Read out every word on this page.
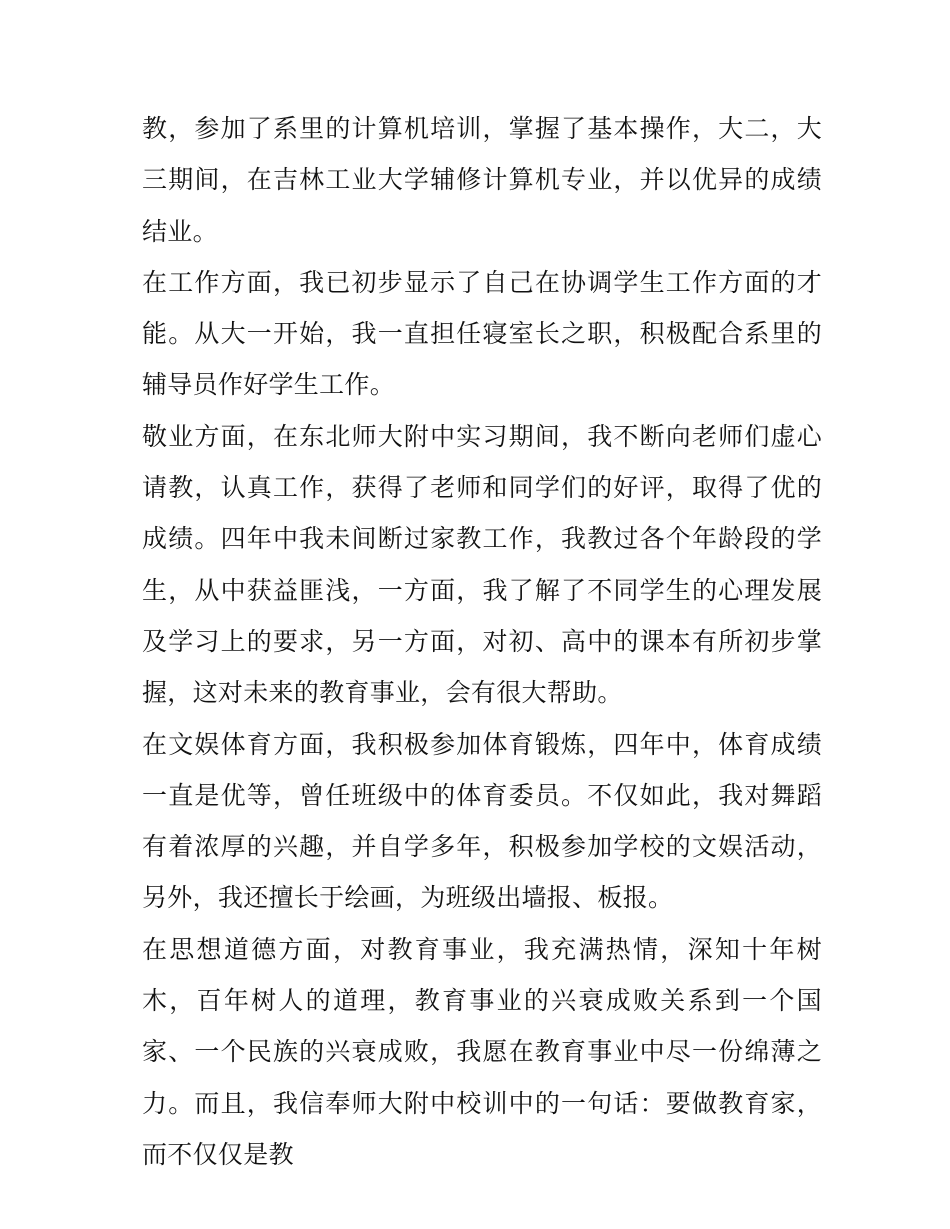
教，参加了系里的计算机培训，掌握了基本操作，大二，大三期间，在吉林工业大学辅修计算机专业，并以优异的成绩结业。

在工作方面，我已初步显示了自己在协调学生工作方面的才能。从大一开始，我一直担任寝室长之职，积极配合系里的辅导员作好学生工作。

敬业方面，在东北师大附中实习期间，我不断向老师们虚心请教，认真工作，获得了老师和同学们的好评，取得了优的成绩。四年中我未间断过家教工作，我教过各个年龄段的学生，从中获益匪浅，一方面，我了解了不同学生的心理发展及学习上的要求，另一方面，对初、高中的课本有所初步掌握，这对未来的教育事业，会有很大帮助。

在文娱体育方面，我积极参加体育锻炼，四年中，体育成绩一直是优等，曾任班级中的体育委员。不仅如此，我对舞蹈有着浓厚的兴趣，并自学多年，积极参加学校的文娱活动，另外，我还擅长于绘画，为班级出墙报、板报。

在思想道德方面，对教育事业，我充满热情，深知十年树木，百年树人的道理，教育事业的兴衰成败关系到一个国家、一个民族的兴衰成败，我愿在教育事业中尽一份绵薄之力。而且，我信奉师大附中校训中的一句话：要做教育家，而不仅仅是教
